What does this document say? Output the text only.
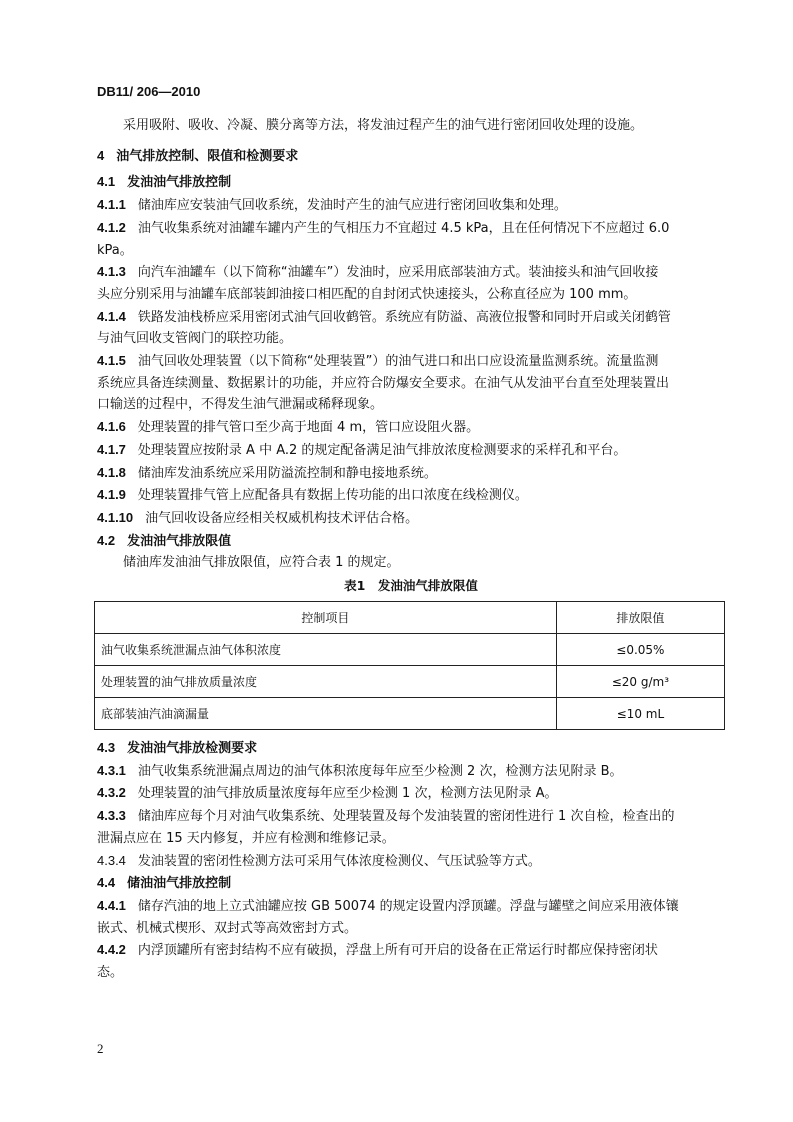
DB11/ 206—2010

采用吸附、吸收、冷凝、膜分离等方法，将发油过程产生的油气进行密闭回收处理的设施。

4 油气排放控制、限值和检测要求

4.1 发油油气排放控制

4.1.1 储油库应安装油气回收系统，发油时产生的油气应进行密闭回收集和处理。

4.1.2 油气收集系统对油罐车罐内产生的气相压力不宜超过 4.5 kPa，且在任何情况下不应超过 6.0

kPa。

4.1.3 向汽车油罐车（以下简称“油罐车”）发油时，应采用底部装油方式。装油接头和油气回收接

头应分别采用与油罐车底部装卸油接口相匹配的自封闭式快速接头，公称直径应为 100 mm。

4.1.4 铁路发油栈桥应采用密闭式油气回收鹤管。系统应有防溢、高液位报警和同时开启或关闭鹤管

与油气回收支管阀门的联控功能。

4.1.5 油气回收处理装置（以下简称“处理装置”）的油气进口和出口应设流量监测系统。流量监测

系统应具备连续测量、数据累计的功能，并应符合防爆安全要求。在油气从发油平台直至处理装置出

口输送的过程中，不得发生油气泄漏或稀释现象。

4.1.6 处理装置的排气管口至少高于地面 4 m，管口应设阻火器。

4.1.7 处理装置应按附录 A 中 A.2 的规定配备满足油气排放浓度检测要求的采样孔和平台。

4.1.8 储油库发油系统应采用防溢流控制和静电接地系统。

4.1.9 处理装置排气管上应配备具有数据上传功能的出口浓度在线检测仪。

4.1.10 油气回收设备应经相关权威机构技术评估合格。

4.2 发油油气排放限值

储油库发油油气排放限值，应符合表 1 的规定。

表1　发油油气排放限值
控制项目	排放限值
油气收集系统泄漏点油气体积浓度	≤0.05%
处理装置的油气排放质量浓度	≤20 g/m³
底部装油汽油滴漏量	≤10 mL

4.3 发油油气排放检测要求

4.3.1 油气收集系统泄漏点周边的油气体积浓度每年应至少检测 2 次，检测方法见附录 B。

4.3.2 处理装置的油气排放质量浓度每年应至少检测 1 次，检测方法见附录 A。

4.3.3 储油库应每个月对油气收集系统、处理装置及每个发油装置的密闭性进行 1 次自检，检查出的

泄漏点应在 15 天内修复，并应有检测和维修记录。

4.3.4 发油装置的密闭性检测方法可采用气体浓度检测仪、气压试验等方式。

4.4 储油油气排放控制

4.4.1 储存汽油的地上立式油罐应按 GB 50074 的规定设置内浮顶罐。浮盘与罐壁之间应采用液体镶

嵌式、机械式楔形、双封式等高效密封方式。

4.4.2 内浮顶罐所有密封结构不应有破损，浮盘上所有可开启的设备在正常运行时都应保持密闭状

态。

2
